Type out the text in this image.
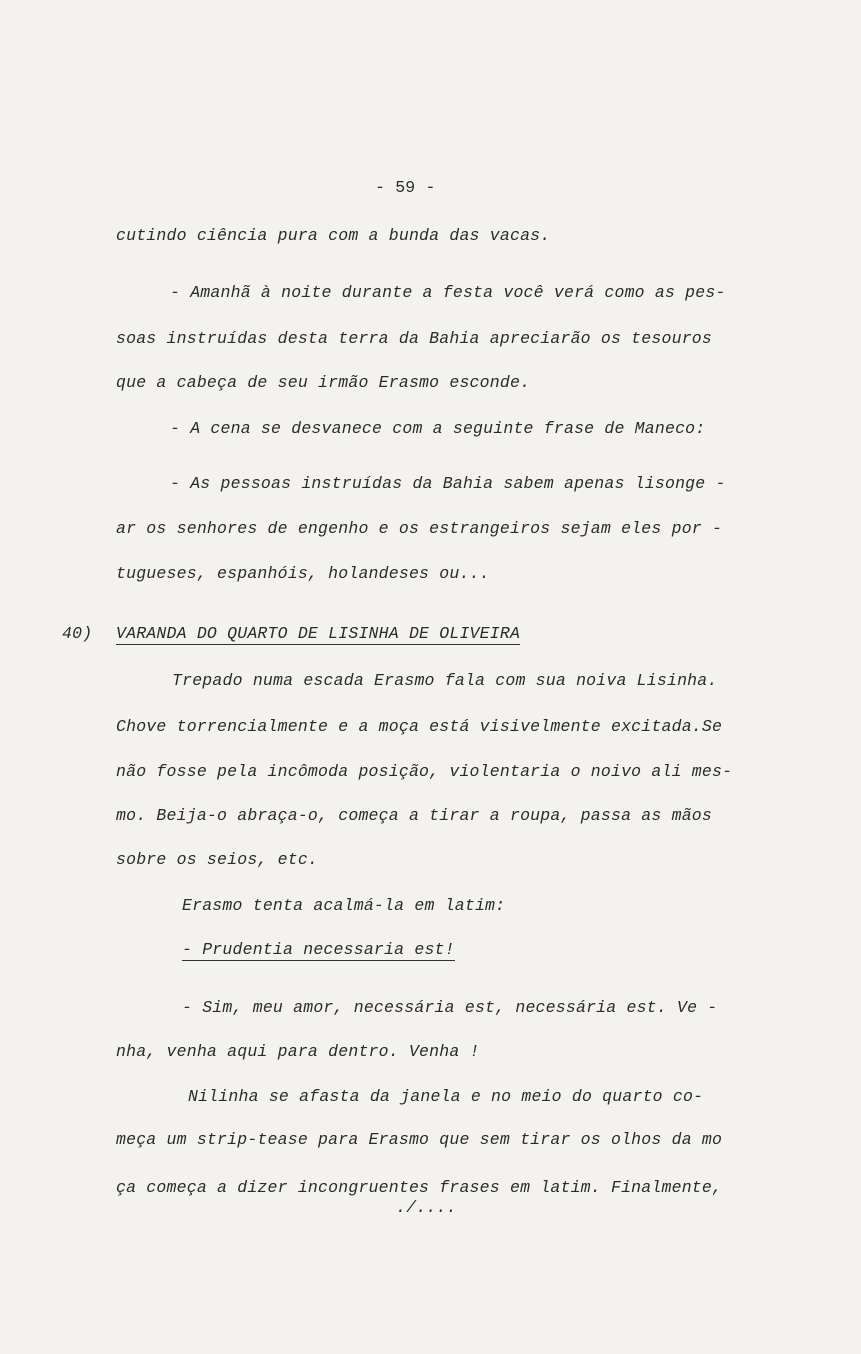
- 59 -
cutindo ciência pura com a bunda das vacas.
- Amanhã à noite durante a festa você verá como as pes-
soas instruídas desta terra da Bahia apreciarão os tesouros
que a cabeça de seu irmão Erasmo esconde.
- A cena se desvanece com a seguinte frase de Maneco:
- As pessoas instruídas da Bahia sabem apenas lisonge -
ar os senhores de engenho e os estrangeiros sejam eles por -
tugueses, espanhóis, holandeses ou...
40) VARANDA DO QUARTO DE LISINHA DE OLIVEIRA
Trepado numa escada Erasmo fala com sua noiva Lisinha.
Chove torrencialmente e a moça está visivelmente excitada.Se
não fosse pela incômoda posição, violentaria o noivo ali mes-
mo. Beija-o abraça-o, começa a tirar a roupa, passa as mãos
sobre os seios, etc.
Erasmo tenta acalmá-la em latim:
- Prudentia necessaria est!
- Sim, meu amor, necessária est, necessária est. Ve -
nha, venha aqui para dentro. Venha !
Nilinha se afasta da janela e no meio do quarto co-
meça um strip-tease para Erasmo que sem tirar os olhos da mo
ça começa a dizer incongruentes frases em latim. Finalmente,
./....
